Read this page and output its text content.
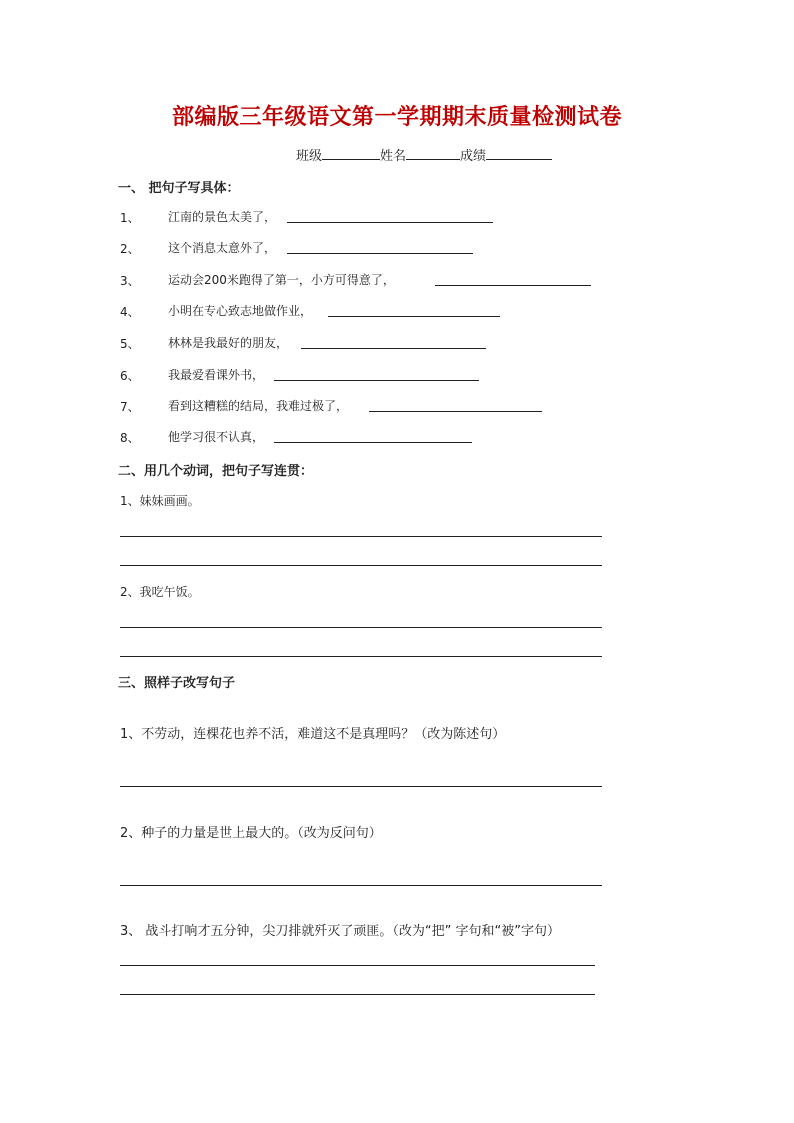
部编版三年级语文第一学期期末质量检测试卷
班级	姓名	成绩
一、 把句子写具体：
1、 江南的景色太美了，
2、 这个消息太意外了，
3、 运动会200米跑得了第一，小方可得意了，
4、 小明在专心致志地做作业，
5、 林林是我最好的朋友，
6、 我最爱看课外书，
7、 看到这糟糕的结局，我难过极了，
8、 他学习很不认真，
二、用几个动词，把句子写连贯：
1、妹妹画画。
2、我吃午饭。
三、照样子改写句子
1、不劳动，连棵花也养不活，难道这不是真理吗？（改为陈述句）
2、种子的力量是世上最大的。（改为反问句）
3、 战斗打响才五分钟，尖刀排就歼灭了顽匪。（改为“把” 字句和“被”字句）
